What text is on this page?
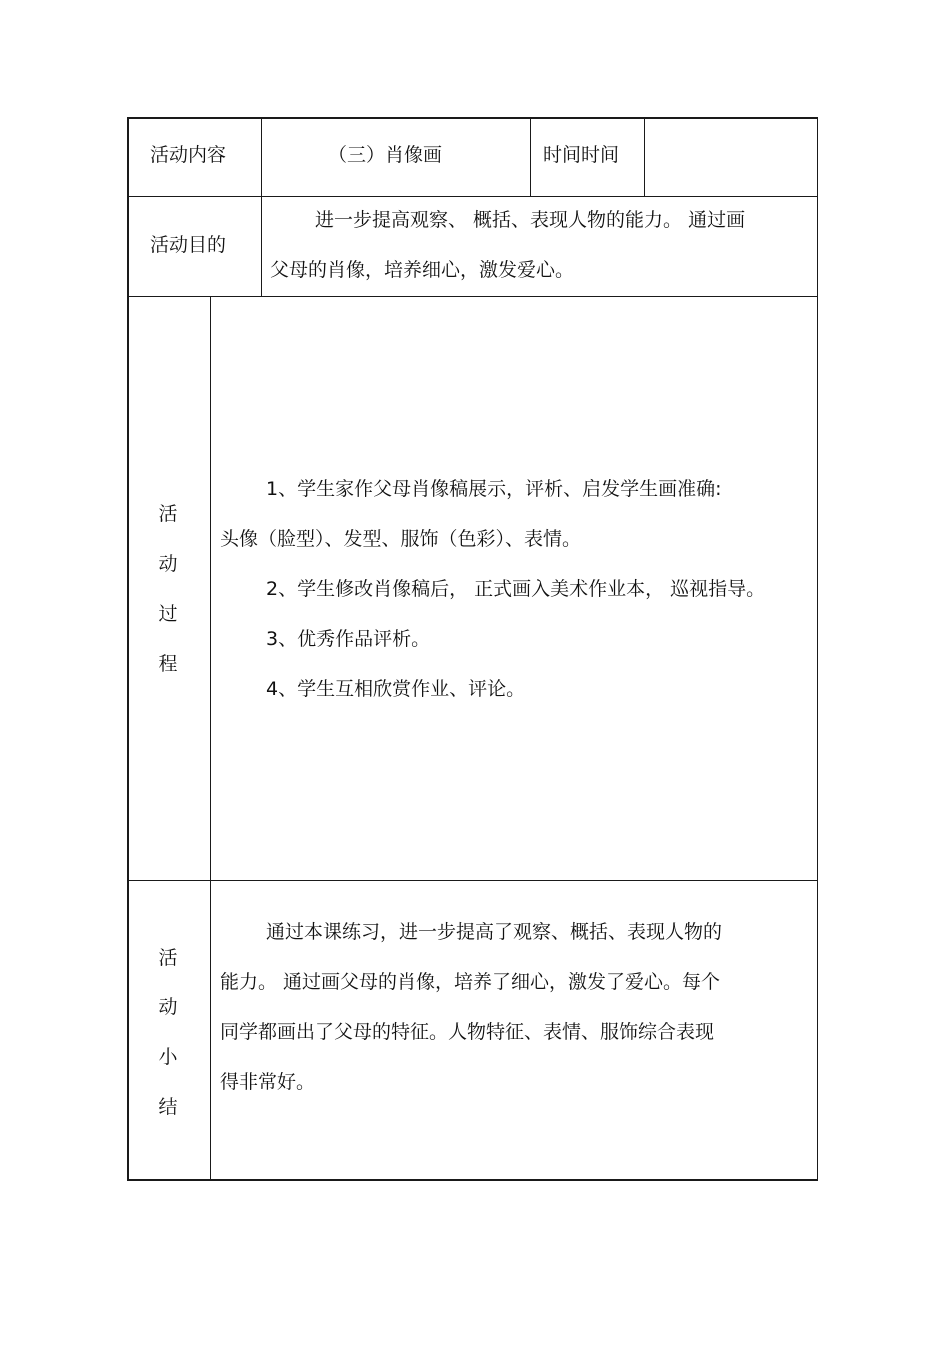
活动内容	（三）肖像画	时间时间
活动目的
进一步提高观察、 概括、表现人物的能力。 通过画
父母的肖像，培养细心，激发爱心。
活
动
过
程
1、学生家作父母肖像稿展示，评析、启发学生画准确:
头像（脸型）、发型、服饰（色彩）、表情。
2、学生修改肖像稿后， 正式画入美术作业本， 巡视指导。
3、优秀作品评析。
4、学生互相欣赏作业、评论。
活
动
小
结
通过本课练习，进一步提高了观察、概括、表现人物的
能力。 通过画父母的肖像，培养了细心，激发了爱心。每个
同学都画出了父母的特征。人物特征、表情、服饰综合表现
得非常好。
